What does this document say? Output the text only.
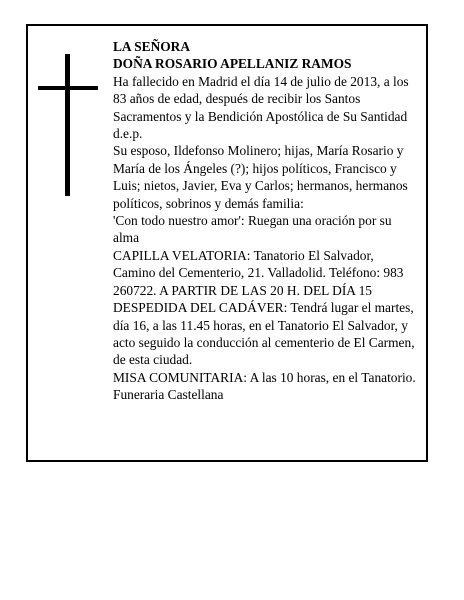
LA SEÑORA

DOÑA ROSARIO APELLANIZ RAMOS

Ha fallecido en Madrid el día 14 de julio de 2013, a los 83 años de edad, después de recibir los Santos Sacramentos y la Bendición Apostólica de Su Santidad d.e.p.

Su esposo, Ildefonso Molinero; hijas, María Rosario y María de los Ángeles (?); hijos políticos, Francisco y Luis; nietos, Javier, Eva y Carlos; hermanos, hermanos políticos, sobrinos y demás familia:

'Con todo nuestro amor': Ruegan una oración por su alma

CAPILLA VELATORIA: Tanatorio El Salvador, Camino del Cementerio, 21. Valladolid. Teléfono: 983 260722. A PARTIR DE LAS 20 H. DEL DÍA 15

DESPEDIDA DEL CADÁVER: Tendrá lugar el martes, día 16, a las 11.45 horas, en el Tanatorio El Salvador, y acto seguido la conducción al cementerio de El Carmen, de esta ciudad.

MISA COMUNITARIA: A las 10 horas, en el Tanatorio.

Funeraria Castellana
